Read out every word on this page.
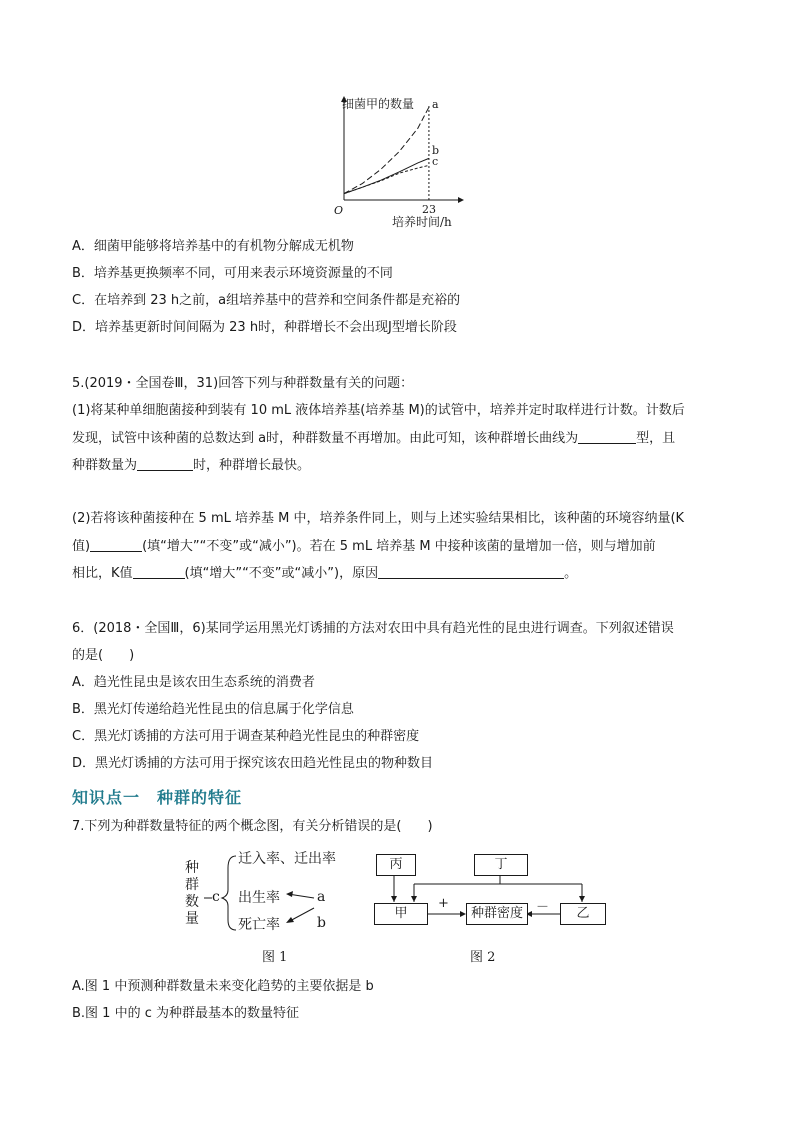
细菌甲的数量
O	23
培养时间/h
a
b
c
A．细菌甲能够将培养基中的有机物分解成无机物
B．培养基更换频率不同，可用来表示环境资源量的不同
C．在培养到 23 h之前，a组培养基中的营养和空间条件都是充裕的
D．培养基更新时间间隔为 23 h时，种群增长不会出现J型增长阶段
5.(2019・全国卷Ⅲ，31)回答下列与种群数量有关的问题：
(1)将某种单细胞菌接种到装有 10 mL 液体培养基(培养基 M)的试管中，培养并定时取样进行计数。计数后
发现，试管中该种菌的总数达到 a时，种群数量不再增加。由此可知，该种群增长曲线为	型，且
种群数量为	时，种群增长最快。
(2)若将该种菌接种在 5 mL 培养基 M 中，培养条件同上，则与上述实验结果相比，该种菌的环境容纳量(K
值)	(填“增大”“不变”或“减小”)。若在 5 mL 培养基 M 中接种该菌的量增加一倍，则与增加前
相比，K值	(填“增大”“不变”或“减小”)，原因	。
6．(2018・全国Ⅲ，6)某同学运用黑光灯诱捕的方法对农田中具有趋光性的昆虫进行调查。下列叙述错误
的是(　　)
A．趋光性昆虫是该农田生态系统的消费者
B．黑光灯传递给趋光性昆虫的信息属于化学信息
C．黑光灯诱捕的方法可用于调查某种趋光性昆虫的种群密度
D．黑光灯诱捕的方法可用于探究该农田趋光性昆虫的物种数目
知识点一　种群的特征
7.下列为种群数量特征的两个概念图，有关分析错误的是(　　)
种
群
数
量
c
迁入率、迁出率
出生率
死亡率
a
b
图 1
丙	丁
甲	种群密度	乙
+	－
图 2
A.图 1 中预测种群数量未来变化趋势的主要依据是 b
B.图 1 中的 c 为种群最基本的数量特征
